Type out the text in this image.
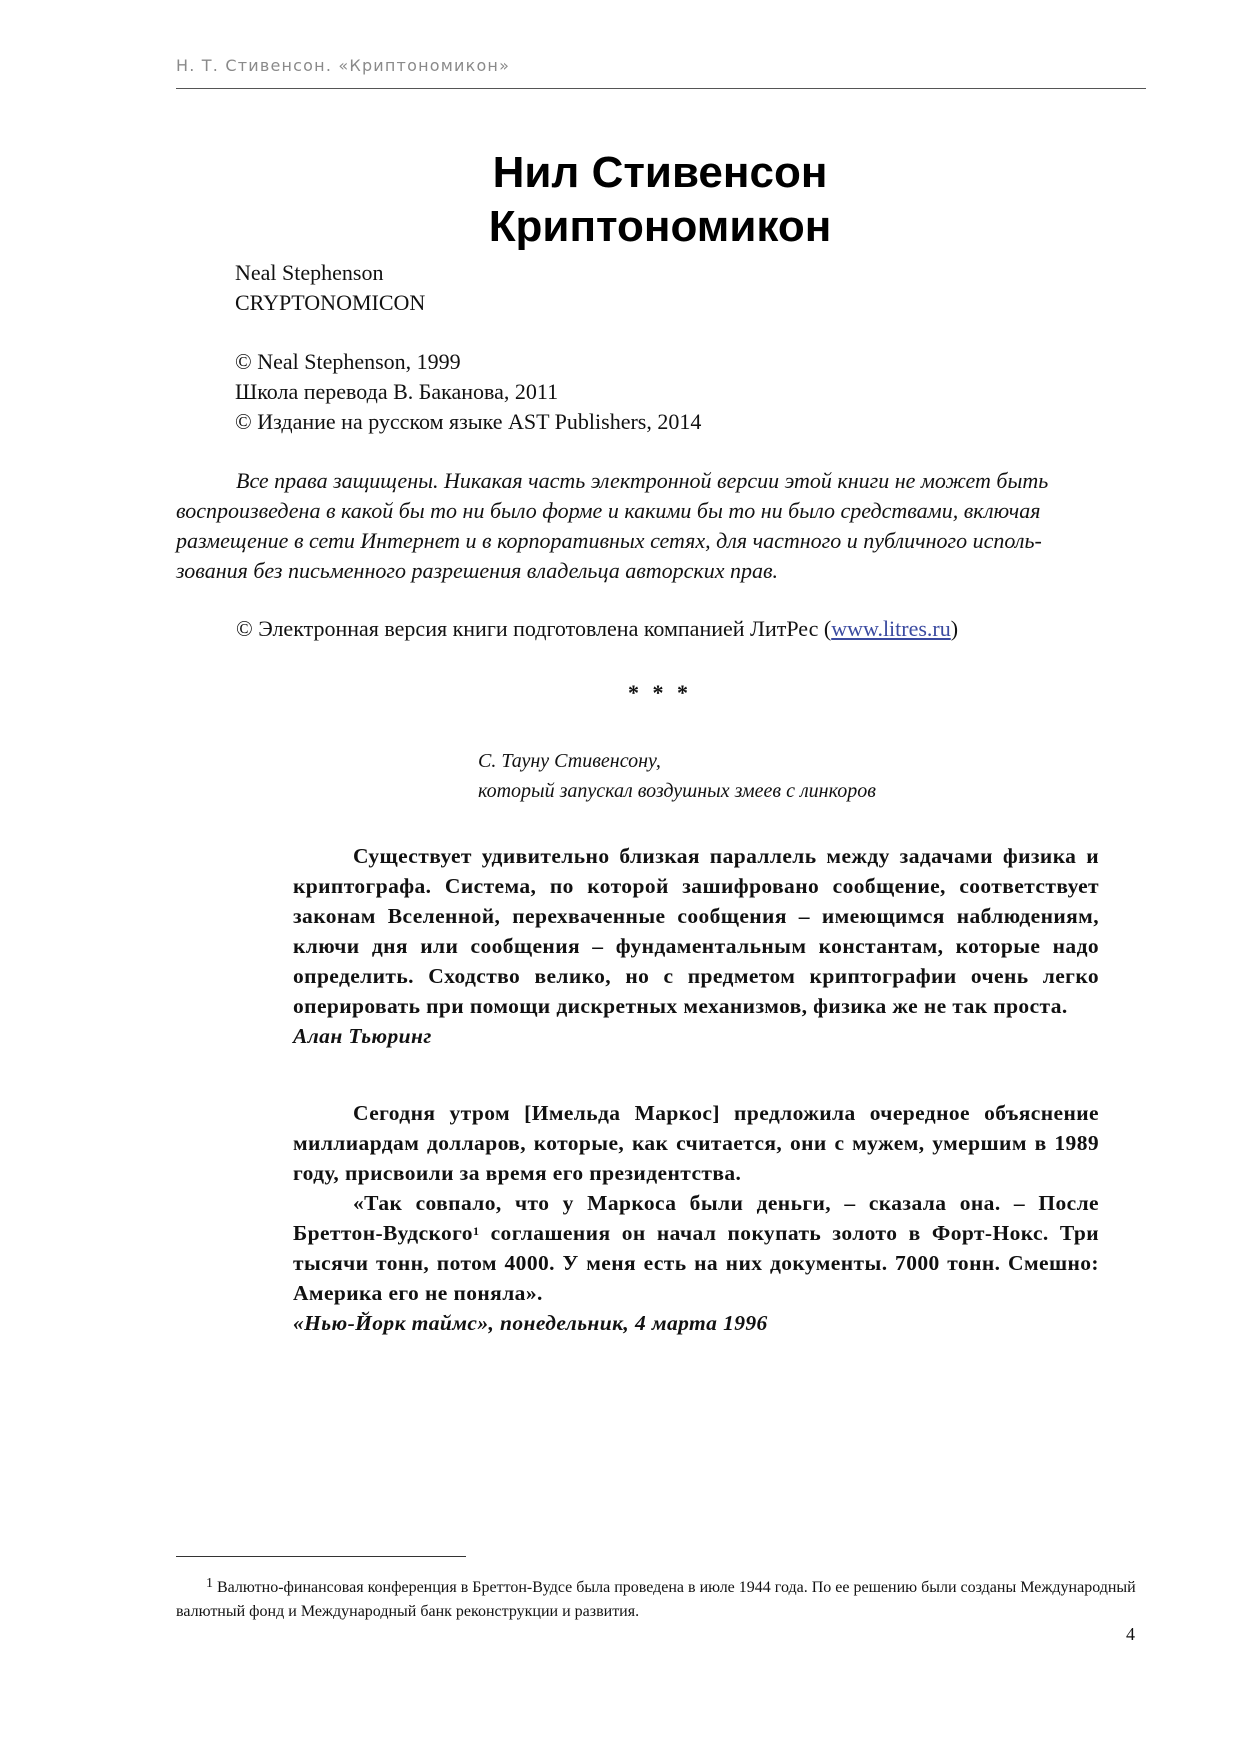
Н. Т. Стивенсон. «Криптономикон»
Нил Стивенсон
Криптономикон
Neal Stephenson
CRYPTONOMICON
© Neal Stephenson, 1999
Школа перевода В. Баканова, 2011
© Издание на русском языке AST Publishers, 2014
Все права защищены. Никакая часть электронной версии этой книги не может быть
воспроизведена в какой бы то ни было форме и какими бы то ни было средствами, включая
размещение в сети Интернет и в корпоративных сетях, для частного и публичного исполь-
зования без письменного разрешения владельца авторских прав.
© Электронная версия книги подготовлена компанией ЛитРес (www.litres.ru)
* * *
С. Тауну Стивенсону,
который запускал воздушных змеев с линкоров

Существует удивительно близкая параллель между задачами физика и криптографа. Система, по которой зашифровано сообщение, соответствует законам Вселенной, перехваченные сообщения – имеющимся наблюдениям, ключи дня или сообщения – фундаментальным константам, которые надо определить. Сходство велико, но с предметом криптографии очень легко оперировать при помощи дискретных механизмов, физика же не так проста.

Алан Тьюринг

Сегодня утром [Имельда Маркос] предложила очередное объяснение миллиардам долларов, которые, как считается, они с мужем, умершим в 1989 году, присвоили за время его президентства.

«Так совпало, что у Маркоса были деньги, – сказала она. – После Бреттон-Вудского$^1$ соглашения он начал покупать золото в Форт-Нокс. Три тысячи тонн, потом 4000. У меня есть на них документы. 7000 тонн. Смешно: Америка его не поняла».

«Нью-Йорк таймс», понедельник, 4 марта 1996
1 Валютно-финансовая конференция в Бреттон-Вудсе была проведена в июле 1944 года. По ее решению были созданы Международный валютный фонд и Международный банк реконструкции и развития.
4
